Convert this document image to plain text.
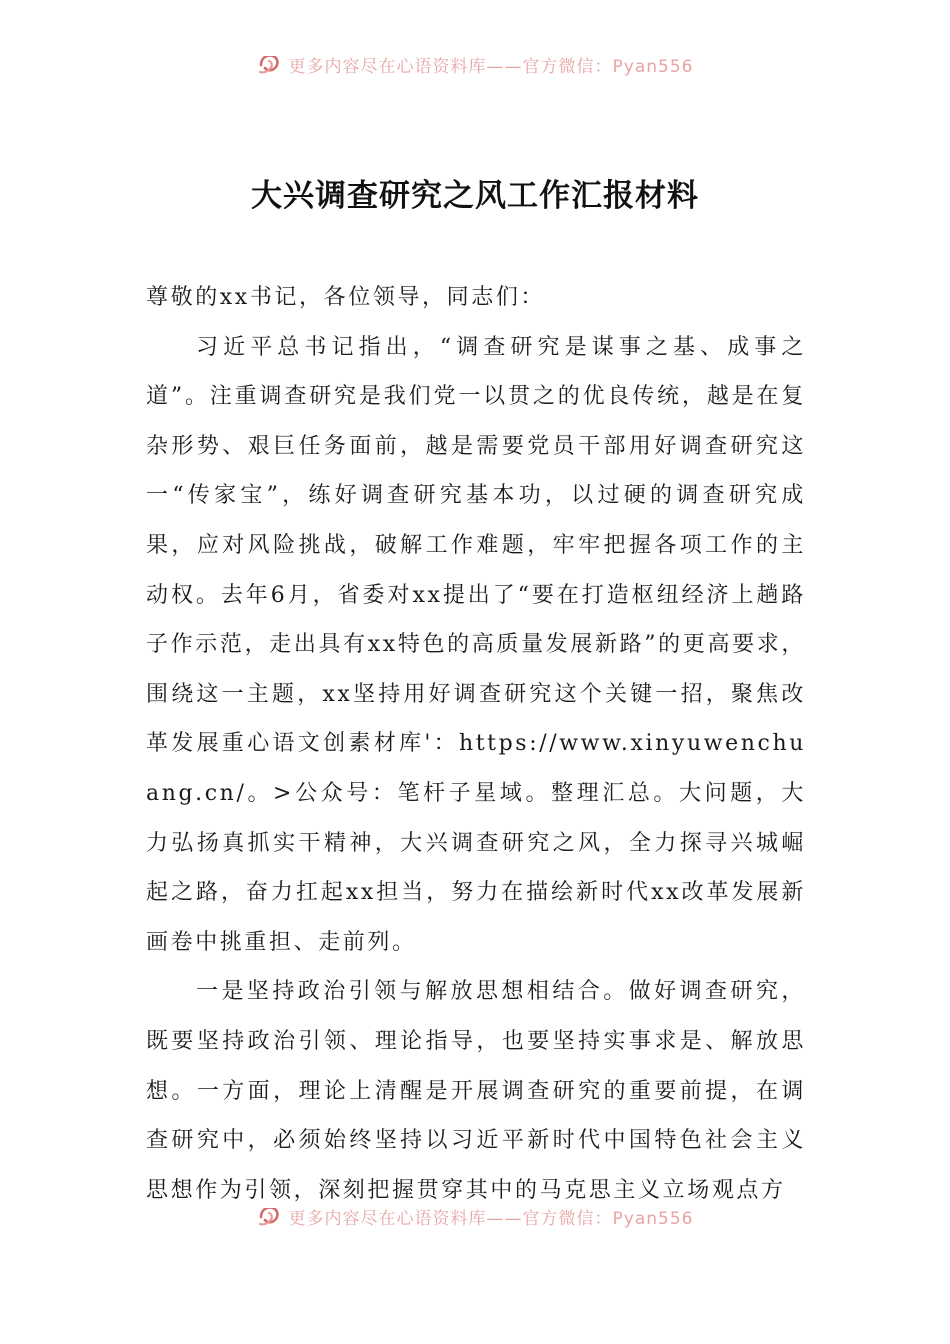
更多内容尽在心语资料库——官方微信：Pyan556
大兴调查研究之风工作汇报材料

尊敬的xx书记，各位领导，同志们：

习近平总书记指出，“调查研究是谋事之基、成事之道”。注重调查研究是我们党一以贯之的优良传统，越是在复杂形势、艰巨任务面前，越是需要党员干部用好调查研究这一“传家宝”，练好调查研究基本功，以过硬的调查研究成果，应对风险挑战，破解工作难题，牢牢把握各项工作的主动权。去年6月，省委对xx提出了“要在打造枢纽经济上趟路子作示范，走出具有xx特色的高质量发展新路”的更高要求，围绕这一主题，xx坚持用好调查研究这个关键一招，聚焦改革发展重心语文创素材库'：https://www.xinyuwenchuang.cn/。>公众号：笔杆子星域。整理汇总。大问题，大力弘扬真抓实干精神，大兴调查研究之风，全力探寻兴城崛起之路，奋力扛起xx担当，努力在描绘新时代xx改革发展新画卷中挑重担、走前列。

一是坚持政治引领与解放思想相结合。做好调查研究，既要坚持政治引领、理论指导，也要坚持实事求是、解放思想。一方面，理论上清醒是开展调查研究的重要前提，在调查研究中，必须始终坚持以习近平新时代中国特色社会主义思想作为引领，深刻把握贯穿其中的马克思主义立场观点方

更多内容尽在心语资料库——官方微信：Pyan556
